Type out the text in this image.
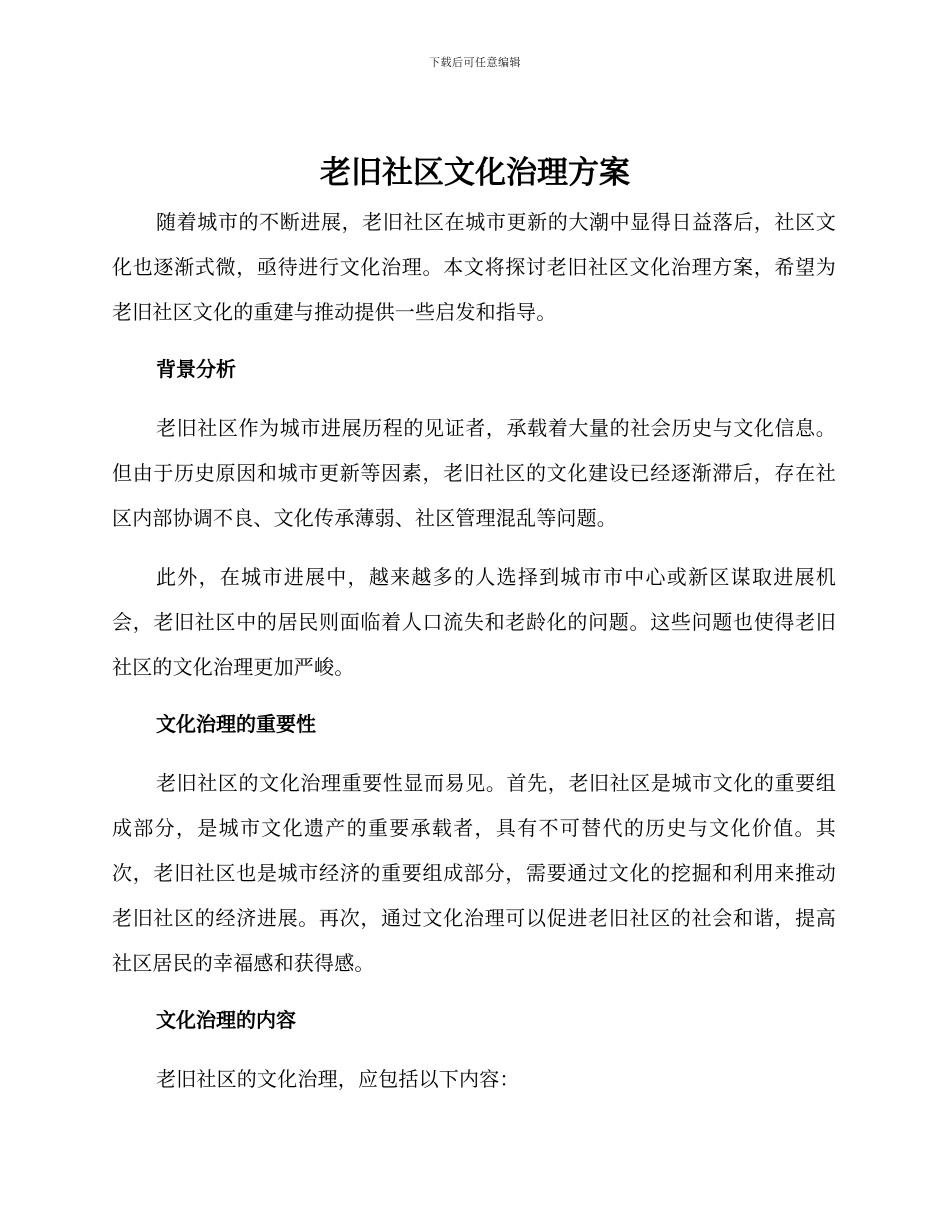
下载后可任意编辑
老旧社区文化治理方案

随着城市的不断进展，老旧社区在城市更新的大潮中显得日益落后，社区文化也逐渐式微，亟待进行文化治理。本文将探讨老旧社区文化治理方案，希望为老旧社区文化的重建与推动提供一些启发和指导。

背景分析

老旧社区作为城市进展历程的见证者，承载着大量的社会历史与文化信息。但由于历史原因和城市更新等因素，老旧社区的文化建设已经逐渐滞后，存在社区内部协调不良、文化传承薄弱、社区管理混乱等问题。

此外，在城市进展中，越来越多的人选择到城市市中心或新区谋取进展机会，老旧社区中的居民则面临着人口流失和老龄化的问题。这些问题也使得老旧社区的文化治理更加严峻。

文化治理的重要性

老旧社区的文化治理重要性显而易见。首先，老旧社区是城市文化的重要组成部分，是城市文化遗产的重要承载者，具有不可替代的历史与文化价值。其次，老旧社区也是城市经济的重要组成部分，需要通过文化的挖掘和利用来推动老旧社区的经济进展。再次，通过文化治理可以促进老旧社区的社会和谐，提高社区居民的幸福感和获得感。

文化治理的内容

老旧社区的文化治理，应包括以下内容：
